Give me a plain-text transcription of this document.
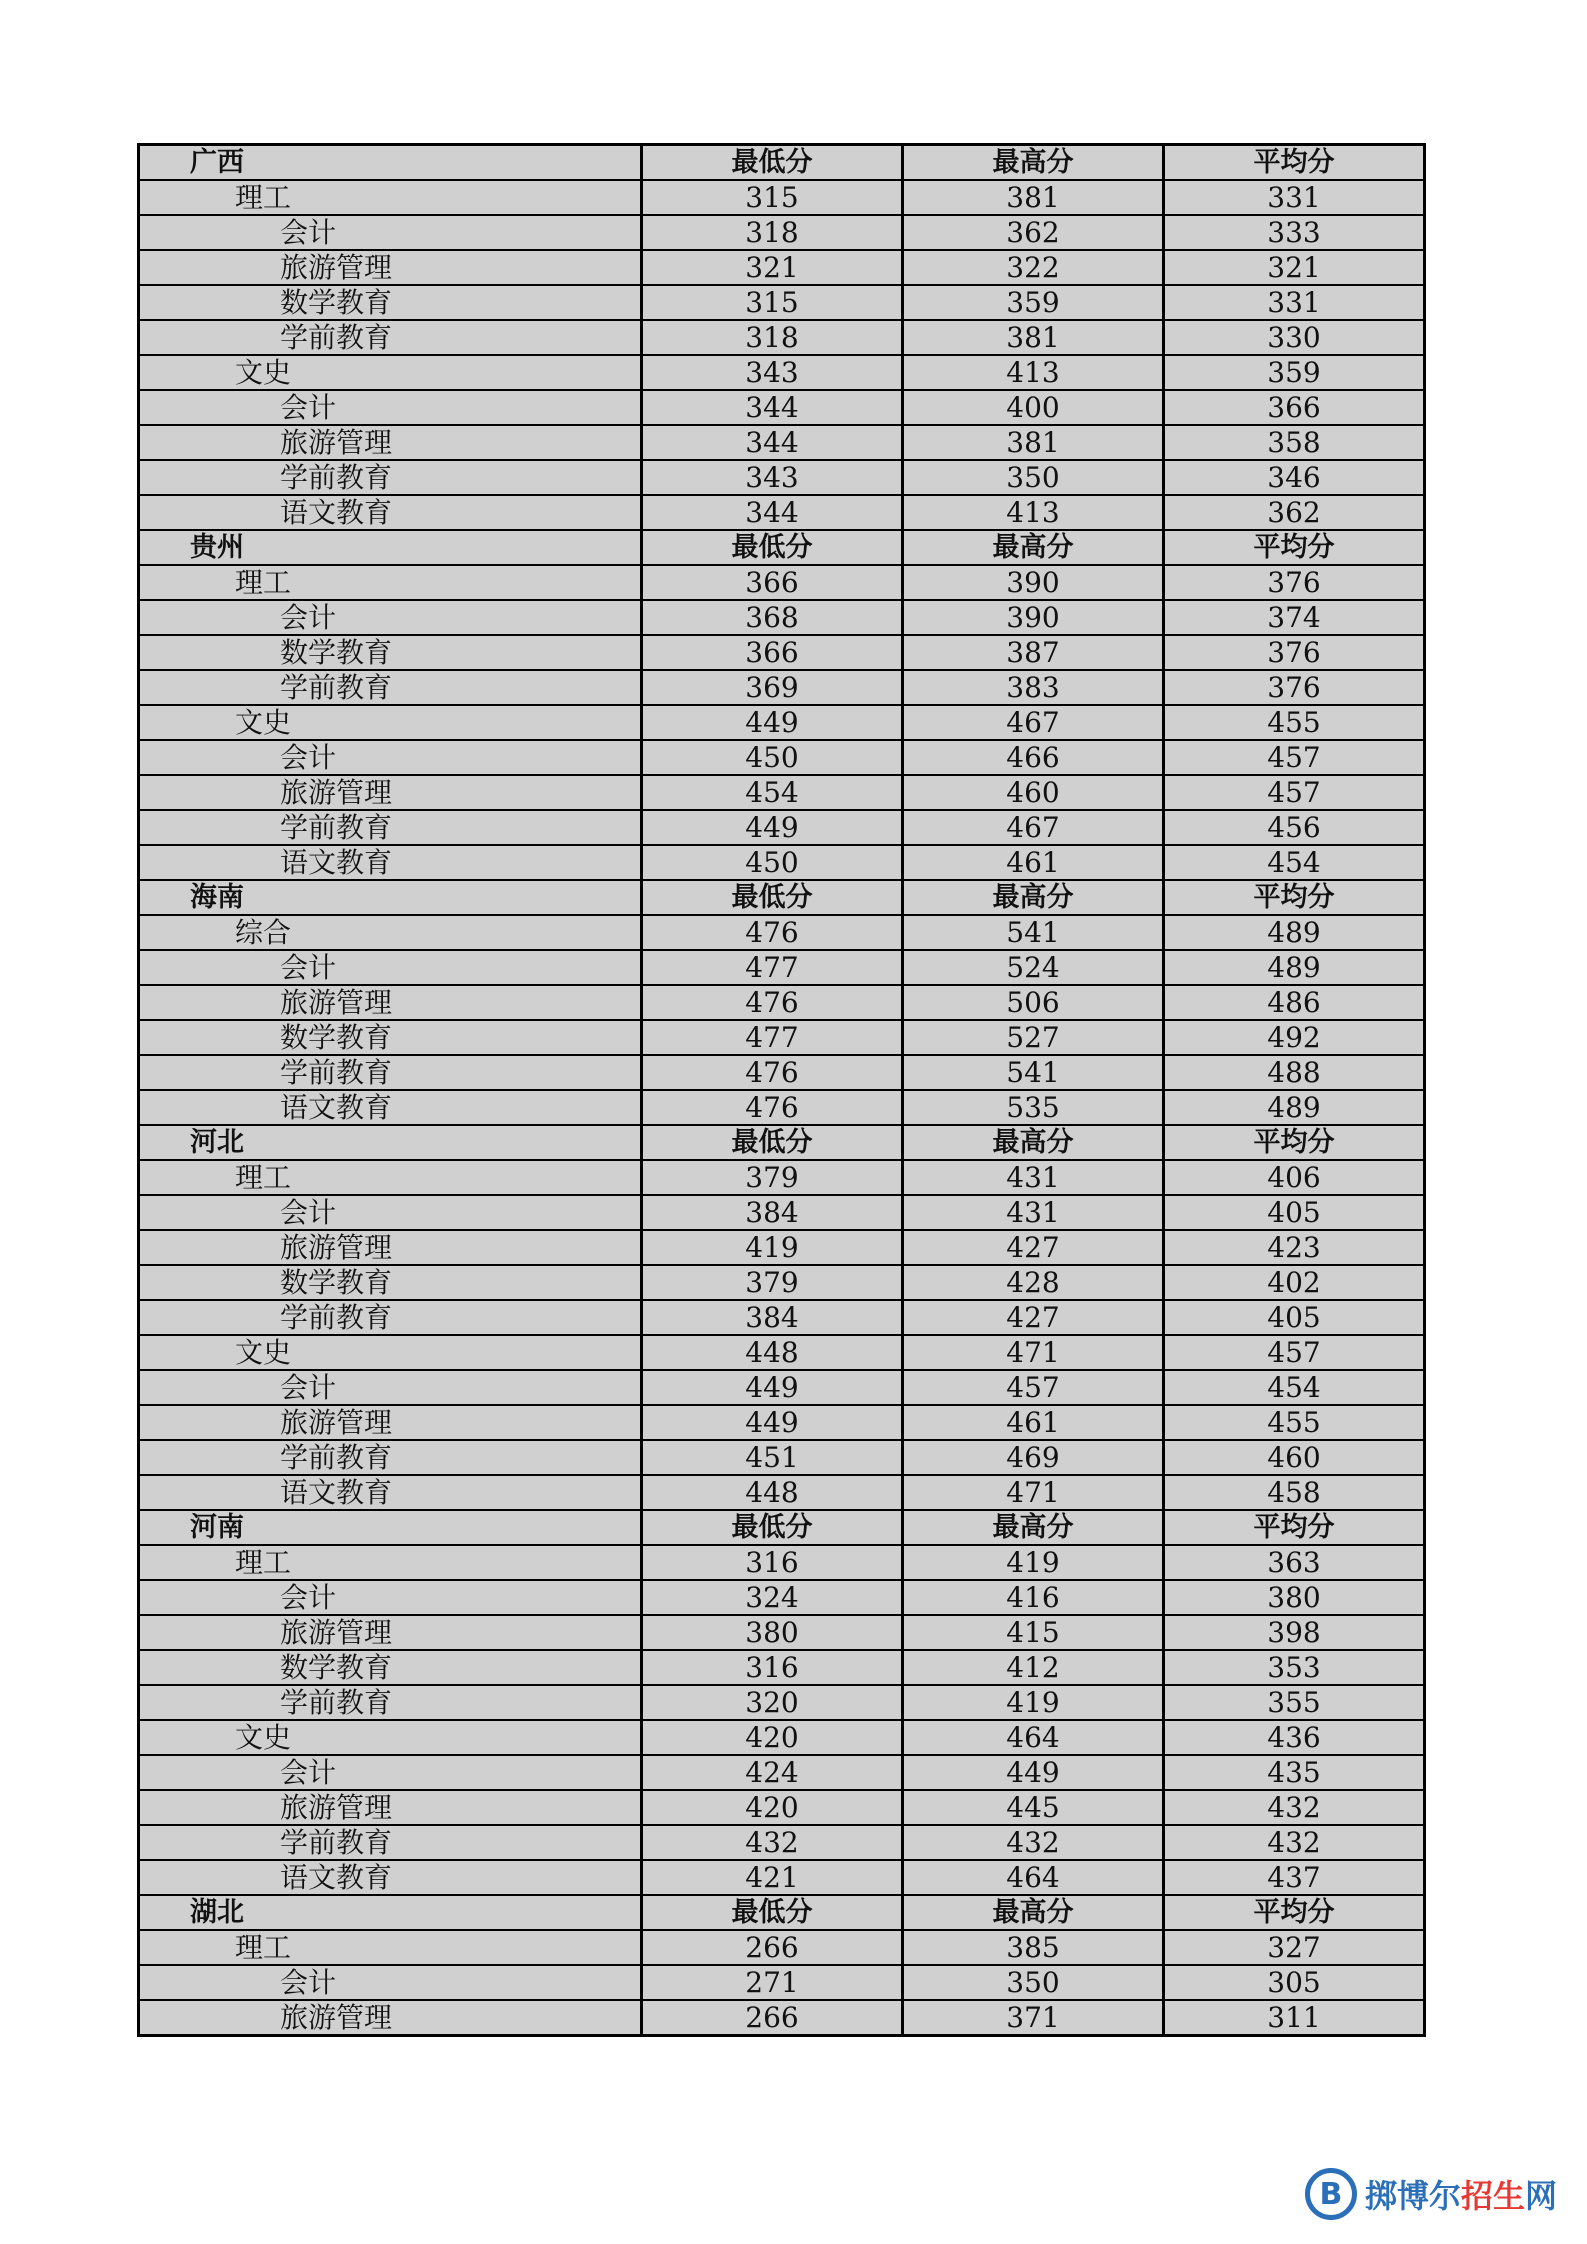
广西	最低分	最高分	平均分
理工	315	381	331
会计	318	362	333
旅游管理	321	322	321
数学教育	315	359	331
学前教育	318	381	330
文史	343	413	359
会计	344	400	366
旅游管理	344	381	358
学前教育	343	350	346
语文教育	344	413	362
贵州	最低分	最高分	平均分
理工	366	390	376
会计	368	390	374
数学教育	366	387	376
学前教育	369	383	376
文史	449	467	455
会计	450	466	457
旅游管理	454	460	457
学前教育	449	467	456
语文教育	450	461	454
海南	最低分	最高分	平均分
综合	476	541	489
会计	477	524	489
旅游管理	476	506	486
数学教育	477	527	492
学前教育	476	541	488
语文教育	476	535	489
河北	最低分	最高分	平均分
理工	379	431	406
会计	384	431	405
旅游管理	419	427	423
数学教育	379	428	402
学前教育	384	427	405
文史	448	471	457
会计	449	457	454
旅游管理	449	461	455
学前教育	451	469	460
语文教育	448	471	458
河南	最低分	最高分	平均分
理工	316	419	363
会计	324	416	380
旅游管理	380	415	398
数学教育	316	412	353
学前教育	320	419	355
文史	420	464	436
会计	424	449	435
旅游管理	420	445	432
学前教育	432	432	432
语文教育	421	464	437
湖北	最低分	最高分	平均分
理工	266	385	327
会计	271	350	305
旅游管理	266	371	311
B 掷博尔招生网
